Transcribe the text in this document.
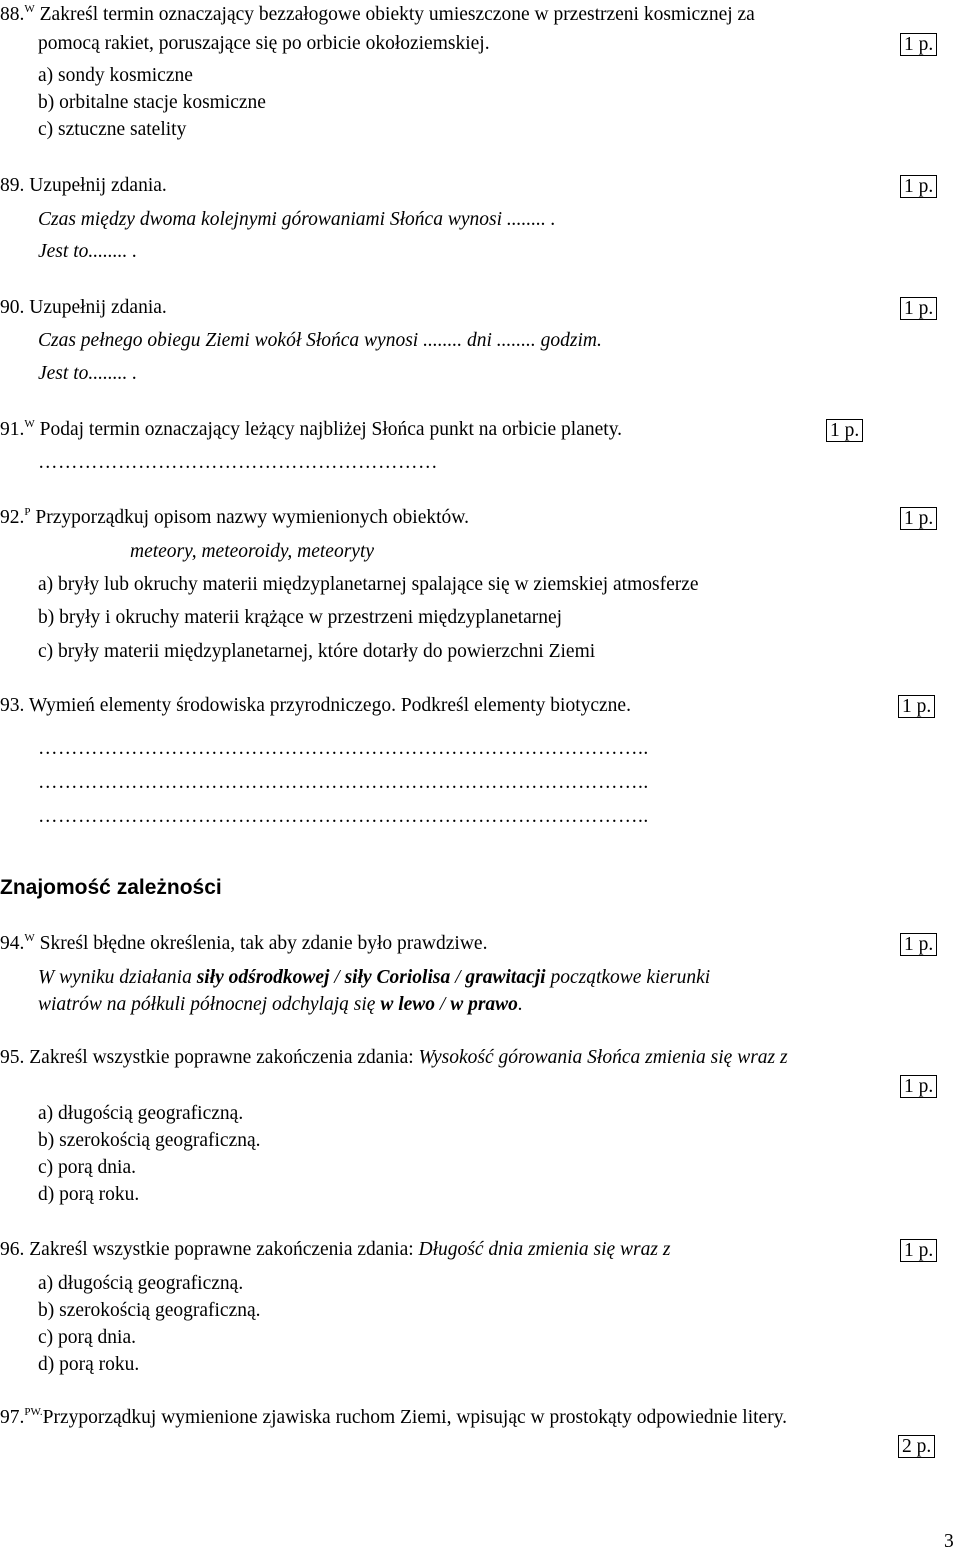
88.$^W$ Zakreśl termin oznaczający bezzałogowe obiekty umieszczone w przestrzeni kosmicznej za
pomocą rakiet, poruszające się po orbicie okołoziemskiej.	1 p.
a) sondy kosmiczne
b) orbitalne stacje kosmiczne
c) sztuczne satelity
89. Uzupełnij zdania.	1 p.
Czas między dwoma kolejnymi górowaniami Słońca wynosi ........ .
Jest to........ .
90. Uzupełnij zdania.	1 p.
Czas pełnego obiegu Ziemi wokół Słońca wynosi ........ dni ........ godzim.
Jest to........ .
91.$^W$ Podaj termin oznaczający leżący najbliżej Słońca punkt na orbicie planety.	1 p.
……………………………………………………
92.$^P$ Przyporządkuj opisom nazwy wymienionych obiektów.	1 p.
meteory, meteoroidy, meteoryty
a) bryły lub okruchy materii międzyplanetarnej spalające się w ziemskiej atmosferze
b) bryły i okruchy materii krążące w przestrzeni międzyplanetarnej
c) bryły materii międzyplanetarnej, które dotarły do powierzchni Ziemi
93. Wymień elementy środowiska przyrodniczego. Podkreśl elementy biotyczne.	1 p.
………………………………………………………………………………..
………………………………………………………………………………..
………………………………………………………………………………..
Znajomość zależności
94.$^W$ Skreśl błędne określenia, tak aby zdanie było prawdziwe.	1 p.
W wyniku działania siły odśrodkowej / siły Coriolisa / grawitacji początkowe kierunki
wiatrów na półkuli północnej odchylają się w lewo / w prawo.
95. Zakreśl wszystkie poprawne zakończenia zdania: Wysokość górowania Słońca zmienia się wraz z
1 p.
a) długością geograficzną.
b) szerokością geograficzną.
c) porą dnia.
d) porą roku.
96. Zakreśl wszystkie poprawne zakończenia zdania: Długość dnia zmienia się wraz z	1 p.
a) długością geograficzną.
b) szerokością geograficzną.
c) porą dnia.
d) porą roku.
97.$^{PW.}$Przyporządkuj wymienione zjawiska ruchom Ziemi, wpisując w prostokąty odpowiednie litery.
2 p.
3
